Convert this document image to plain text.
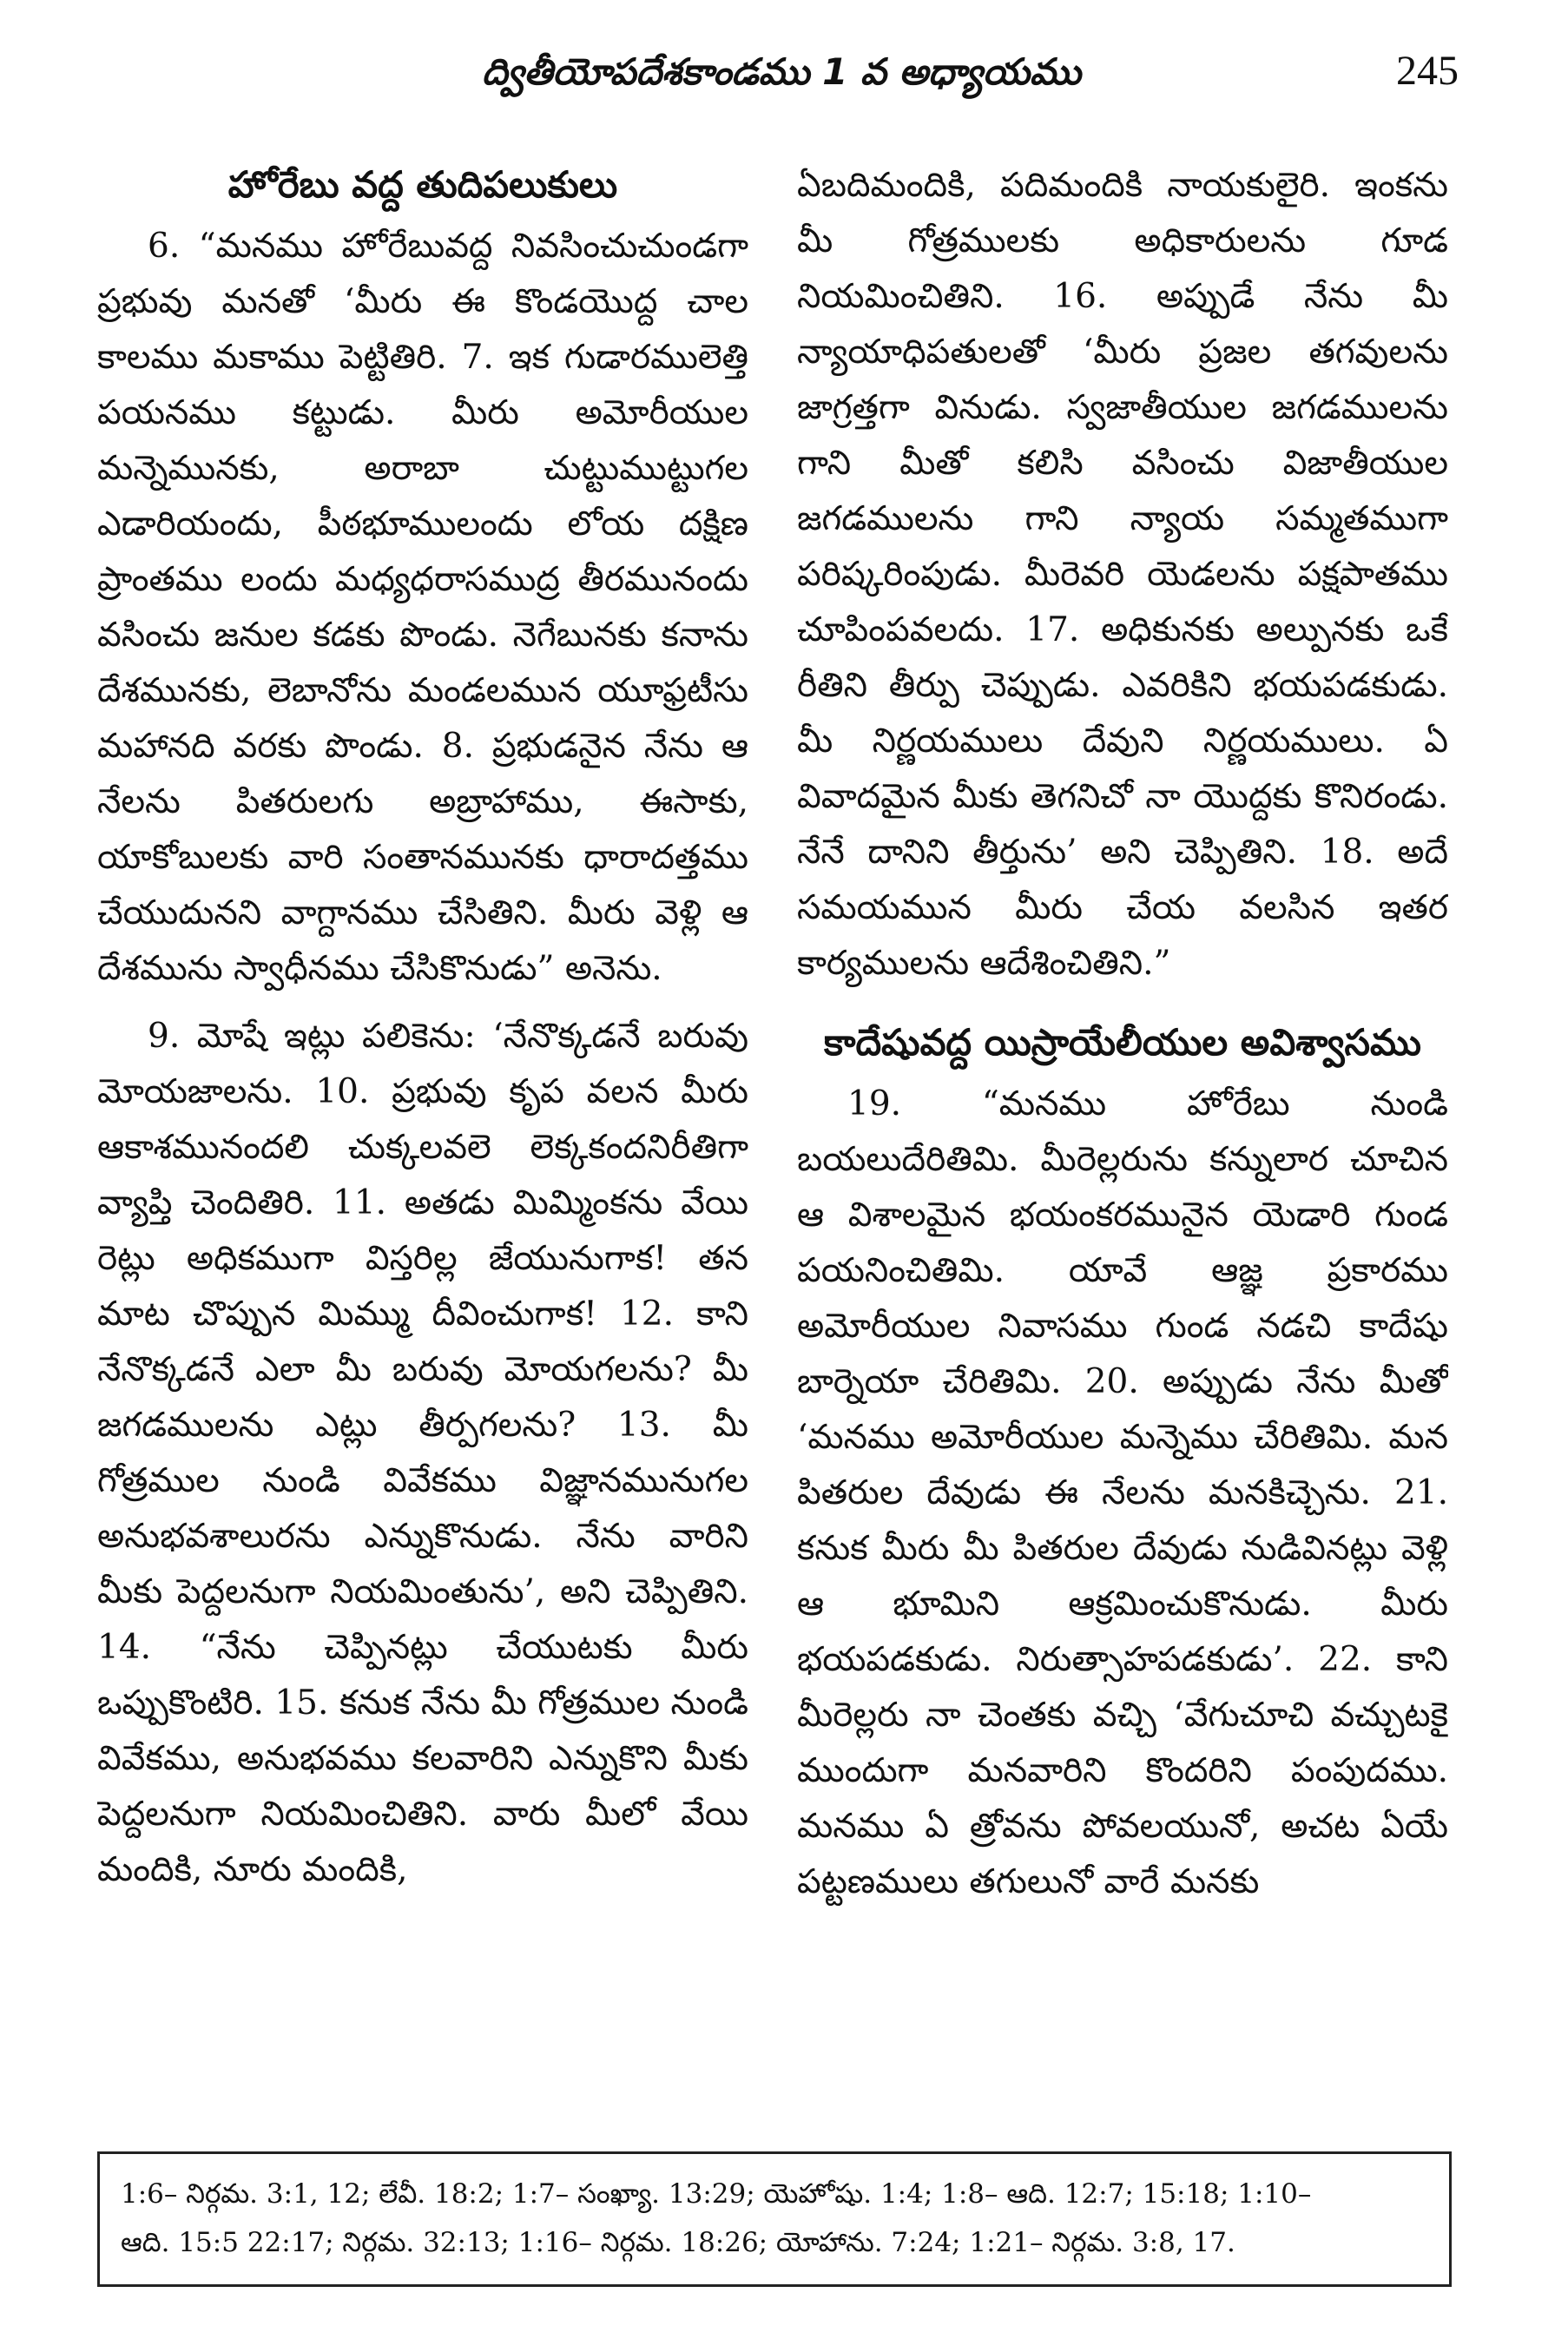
ద్వితీయోపదేశకాండము 1 వ అధ్యాయము	245
హోరేబు వద్ద తుదిపలుకులు

6. “మనము హోరేబువద్ద నివసించుచుండగా ప్రభువు మనతో ‘మీరు ఈ కొండయొద్ద చాల కాలము మకాము పెట్టితిరి. 7. ఇక గుడారములెత్తి పయనము కట్టుడు. మీరు అమోరీయుల మన్నెమునకు, అరాబా చుట్టుముట్టుగల ఎడారియందు, పీఠభూములందు లోయ దక్షిణ ప్రాంతము లందు మధ్యధరాసముద్ర తీరమునందు వసించు జనుల కడకు పొండు. నెగేబునకు కనాను దేశమునకు, లెబానోను మండలమున యూఫ్రటీసు మహానది వరకు పొండు. 8. ప్రభుడనైన నేను ఆ నేలను పితరులగు అబ్రాహాము, ఈసాకు, యాకోబులకు వారి సంతానమునకు ధారాదత్తము చేయుదునని వాగ్దానము చేసితిని. మీరు వెళ్లి ఆ దేశమును స్వాధీనము చేసికొనుడు” అనెను.

9. మోషే ఇట్లు పలికెను: ‘నేనొక్కడనే బరువు మోయజాలను. 10. ప్రభువు కృప వలన మీరు ఆకాశమునందలి చుక్కలవలె లెక్కకందనిరీతిగా వ్యాప్తి చెందితిరి. 11. అతడు మిమ్మింకను వేయి రెట్లు అధికముగా విస్తరిల్ల జేయునుగాక! తన మాట చొప్పున మిమ్ము దీవించుగాక! 12. కాని నేనొక్కడనే ఎలా మీ బరువు మోయగలను? మీ జగడములను ఎట్లు తీర్పగలను? 13. మీ గోత్రముల నుండి వివేకము విజ్ఞానమునుగల అనుభవశాలురను ఎన్నుకొనుడు. నేను వారిని మీకు పెద్దలనుగా నియమింతును’, అని చెప్పితిని. 14. “నేను చెప్పినట్లు చేయుటకు మీరు ఒప్పుకొంటిరి. 15. కనుక నేను మీ గోత్రముల నుండి వివేకము, అనుభవము కలవారిని ఎన్నుకొని మీకు పెద్దలనుగా నియమించితిని. వారు మీలో వేయి మందికి, నూరు మందికి,

ఏబదిమందికి, పదిమందికి నాయకులైరి. ఇంకను మీ గోత్రములకు అధికారులను గూడ నియమించితిని. 16. అప్పుడే నేను మీ న్యాయాధిపతులతో ‘మీరు ప్రజల తగవులను జాగ్రత్తగా వినుడు. స్వజాతీయుల జగడములను గాని మీతో కలిసి వసించు విజాతీయుల జగడములను గాని న్యాయ సమ్మతముగా పరిష్కరింపుడు. మీరెవరి యెడలను పక్షపాతము చూపింపవలదు. 17. అధికునకు అల్పునకు ఒకే రీతిని తీర్పు చెప్పుడు. ఎవరికిని భయపడకుడు. మీ నిర్ణయములు దేవుని నిర్ణయములు. ఏ వివాదమైన మీకు తెగనిచో నా యొద్దకు కొనిరండు. నేనే దానిని తీర్తును’ అని చెప్పితిని. 18. అదే సమయమున మీరు చేయ వలసిన ఇతర కార్యములను ఆదేశించితిని.”

కాదేషువద్ద యిస్రాయేలీయుల అవిశ్వాసము

19. “మనము హోరేబు నుండి బయలుదేరితిమి. మీరెల్లరును కన్నులార చూచిన ఆ విశాలమైన భయంకరమునైన యెడారి గుండ పయనించితిమి. యావే ఆజ్ఞ ప్రకారము అమోరీయుల నివాసము గుండ నడచి కాదేషు బార్నెయా చేరితిమి. 20. అప్పుడు నేను మీతో ‘మనము అమోరీయుల మన్నెము చేరితిమి. మన పితరుల దేవుడు ఈ నేలను మనకిచ్చెను. 21. కనుక మీరు మీ పితరుల దేవుడు నుడివినట్లు వెళ్లి ఆ భూమిని ఆక్రమించుకొనుడు. మీరు భయపడకుడు. నిరుత్సాహపడకుడు’. 22. కాని మీరెల్లరు నా చెంతకు వచ్చి ‘వేగుచూచి వచ్చుటకై ముందుగా మనవారిని కొందరిని పంపుదము. మనము ఏ త్రోవను పోవలయునో, అచట ఏయే పట్టణములు తగులునో వారే మనకు

1:6– నిర్గమ. 3:1, 12; లేవీ. 18:2; 1:7– సంఖ్యా. 13:29; యెహోషు. 1:4; 1:8– ఆది. 12:7; 15:18; 1:10–
ఆది. 15:5 22:17; నిర్గమ. 32:13; 1:16– నిర్గమ. 18:26; యోహాను. 7:24; 1:21– నిర్గమ. 3:8, 17.
